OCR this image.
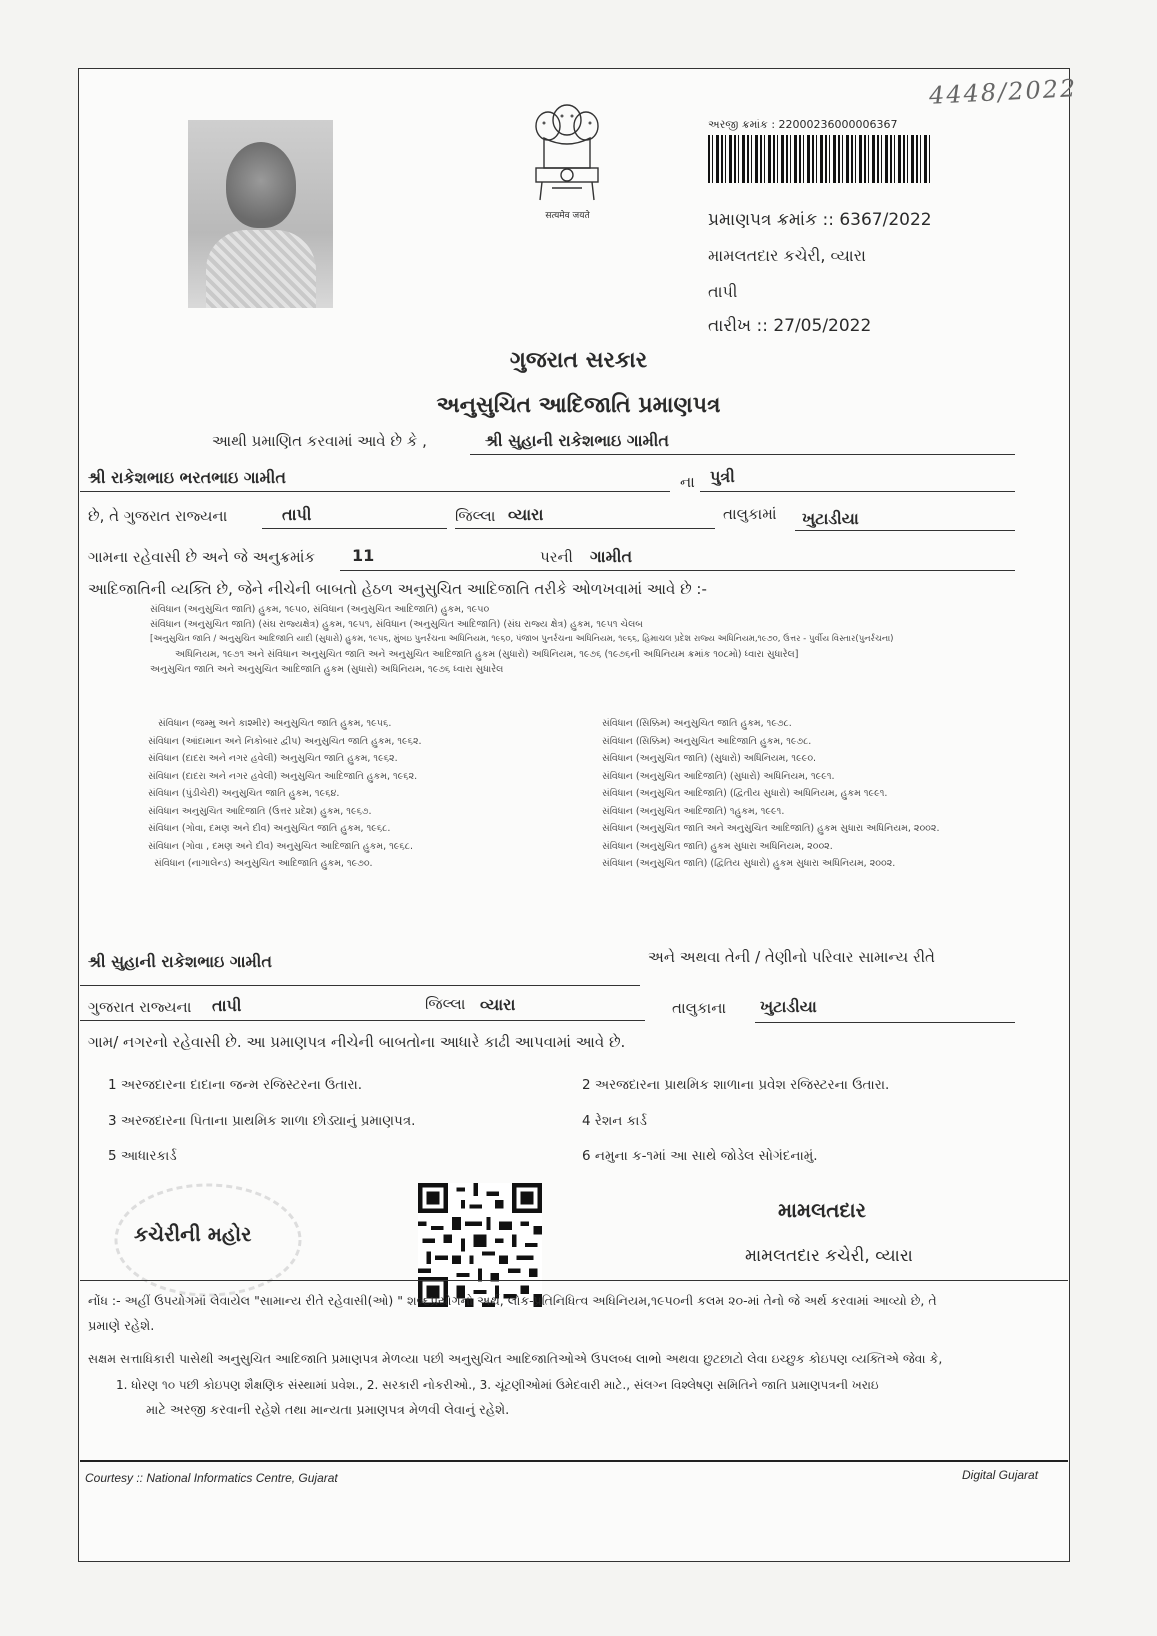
4448/2022
सत्यमेव जयते
અરજી ક્રમાંક : 22000236000006367
પ્રમાણપત્ર ક્રમાંક :: 6367/2022
મામલતદાર કચેરી, વ્યારા
તાપી
તારીખ :: 27/05/2022
ગુજરાત સરકાર
અનુસુચિત આદિજાતિ પ્રમાણપત્ર
આથી પ્રમાણિત કરવામાં આવે છે કે ,	શ્રી સુહાની રાકેશભાઇ ગામીત
શ્રી રાકેશભાઇ ભરતભાઇ ગામીત	ના પુત્રી
છે, તે ગુજરાત રાજ્યના	તાપી	જિલ્લા વ્યારા	તાલુકામાં ખુટાડીયા
ગામના રહેવાસી છે અને જે અનુક્રમાંક 11	પરની ગામીત
આદિજાતિની વ્યક્તિ છે, જેને નીચેની બાબતો હેઠળ અનુસુચિત આદિજાતિ તરીકે ઓળખવામાં આવે છે :-
સંવિધાન (અનુસુચિત જાતિ) હુકમ, ૧૯૫૦, સંવિધાન (અનુસુચિત આદિજાતિ) હુકમ, ૧૯૫૦
સંવિધાન (અનુસુચિત જાતિ) (સંઘ રાજ્યક્ષેત્ર) હુકમ, ૧૯૫૧, સંવિધાન (અનુસુચિત આદિજાતિ) (સંઘ રાજ્ય ક્ષેત્ર) હુકમ, ૧૯૫૧ ચેલબ
[અનુસુચિત જાતિ / અનુસુચિત આદિજાતિ યાદી (સુધારો) હુકમ, ૧૯૫૬, મુંબઇ પુનર્રચના અધિનિયમ, ૧૯૬૦, પંજાબ પુનર્રચના અધિનિયમ, ૧૯૬૬, હિમાચલ પ્રદેશ રાજ્ય અધિનિયમ,૧૯૭૦, ઉત્તર - પુર્વીય વિસ્તાર(પુનર્રચના)
અધિનિયમ, ૧૯૭૧ અને સંવિધાન અનુસુચિત જાતિ અને અનુસુચિત આદિજાતિ હુકમ (સુધારો) અધિનિયમ, ૧૯૭૬ (૧૯૭૬ની અધિનિયમ ક્રમાંક ૧૦૮મો) ધ્વારા સુધારેલ]
અનુસુચિત જાતિ અને અનુસુચિત આદિજાતિ હુકમ (સુધારો) અધિનિયમ, ૧૯૭૬ ધ્વારા સુધારેલ
સંવિધાન (જમ્મુ અને કાશ્મીર) અનુસુચિત જાતિ હુકમ, ૧૯૫૬.
સંવિધાન (આંદામાન અને નિકોબાર દ્વીપ) અનુસુચિત જાતિ હુકમ, ૧૯૬૨.
સંવિધાન (દાદરા અને નગર હવેલી) અનુસુચિત જાતિ હુકમ, ૧૯૬૨.
સંવિધાન (દાદરા અને નગર હવેલી) અનુસુચિત આદિજાતિ હુકમ, ૧૯૬૨.
સંવિધાન (પુંડીચેરી) અનુસુચિત જાતિ હુકમ, ૧૯૬૪.
સંવિધાન અનુસુચિત આદિજાતિ (ઉત્તર પ્રદેશ) હુકમ, ૧૯૬૭.
સંવિધાન (ગોવા, દમણ અને દીવ) અનુસુચિત જાતિ હુકમ, ૧૯૬૮.
સંવિધાન (ગોવા , દમણ અને દીવ) અનુસુચિત આદિજાતિ હુકમ, ૧૯૬૮.
સંવિધાન (નાગાલેન્ડ) અનુસુચિત આદિજાતિ હુકમ, ૧૯૭૦.
સંવિધાન (સિક્કિમ) અનુસુચિત જાતિ હુકમ, ૧૯૭૮.
સંવિધાન (સિક્કિમ) અનુસુચિત આદિજાતિ હુકમ, ૧૯૭૮.
સંવિધાન (અનુસુચિત જાતિ) (સુધારો) અધિનિયમ, ૧૯૯૦.
સંવિધાન (અનુસુચિત આદિજાતિ) (સુધારો) અધિનિયમ, ૧૯૯૧.
સંવિધાન (અનુસુચિત આદિજાતિ) (દ્વિતીય સુધારો) અધિનિયમ, હુકમ ૧૯૯૧.
સંવિધાન (અનુસુચિત આદિજાતિ) ૧હુકમ, ૧૯૯૧.
સંવિધાન (અનુસુચિત જાતિ અને અનુસુચિત આદિજાતિ) હુકમ સુધારા અધિનિયમ, ૨૦૦૨.
સંવિધાન (અનુસુચિત જાતિ) હુકમ સુધારા અધિનિયમ, ૨૦૦૨.
સંવિધાન (અનુસુચિત જાતિ) (દ્વિતિય સુધારો) હુકમ સુધારા અધિનિયમ, ૨૦૦૨.
શ્રી સુહાની રાકેશભાઇ ગામીત	અને અથવા તેની / તેણીનો પરિવાર સામાન્ય રીતે
ગુજરાત રાજ્યના તાપી	જિલ્લા વ્યારા	તાલુકાના ખુટાડીયા
ગામ/ નગરનો રહેવાસી છે. આ પ્રમાણપત્ર નીચેની બાબતોના આધારે કાઢી આપવામાં આવે છે.
1 અરજદારના દાદાના જન્મ રજિસ્ટરના ઉતારા.	2 અરજદારના પ્રાથમિક શાળાના પ્રવેશ રજિસ્ટરના ઉતારા.
3 અરજદારના પિતાના પ્રાથમિક શાળા છોડ્યાનું પ્રમાણપત્ર.	4 રેશન કાર્ડ
5 આધારકાર્ડ	6 નમુના ક-૧માં આ સાથે જોડેલ સોગંદનામું.
કચેરીની મહોર
મામલતદાર
મામલતદાર કચેરી, વ્યારા
નોંધ :- અહીં ઉપયોગમાં લેવાયેલ "સામાન્ય રીતે રહેવાસી(ઓ) " શબ્દપ્રયોગનો અર્થ, લોક-પ્રતિનિધિત્વ અધિનિયમ,૧૯૫૦ની કલમ ૨૦-માં તેનો જે અર્થ કરવામાં આવ્યો છે, તે
પ્રમાણે રહેશે.
સક્ષમ સત્તાધિકારી પાસેથી અનુસુચિત આદિજાતિ પ્રમાણપત્ર મેળવ્યા પછી અનુસુચિત આદિજાતિઓએ ઉપલબ્ધ લાભો અથવા છુટછાટો લેવા ઇચ્છુક કોઇપણ વ્યક્તિએ જેવા કે,
1. ધોરણ ૧૦ પછી કોઇપણ શૈક્ષણિક સંસ્થામાં પ્રવેશ., 2. સરકારી નોકરીઓ., 3. ચૂંટણીઓમાં ઉમેદવારી માટે., સંલગ્ન વિશ્લેષણ સમિતિને જાતિ પ્રમાણપત્રની ખરાઇ
માટે અરજી કરવાની રહેશે તથા માન્યતા પ્રમાણપત્ર મેળવી લેવાનું રહેશે.
Courtesy :: National Informatics Centre, Gujarat	Digital Gujarat
